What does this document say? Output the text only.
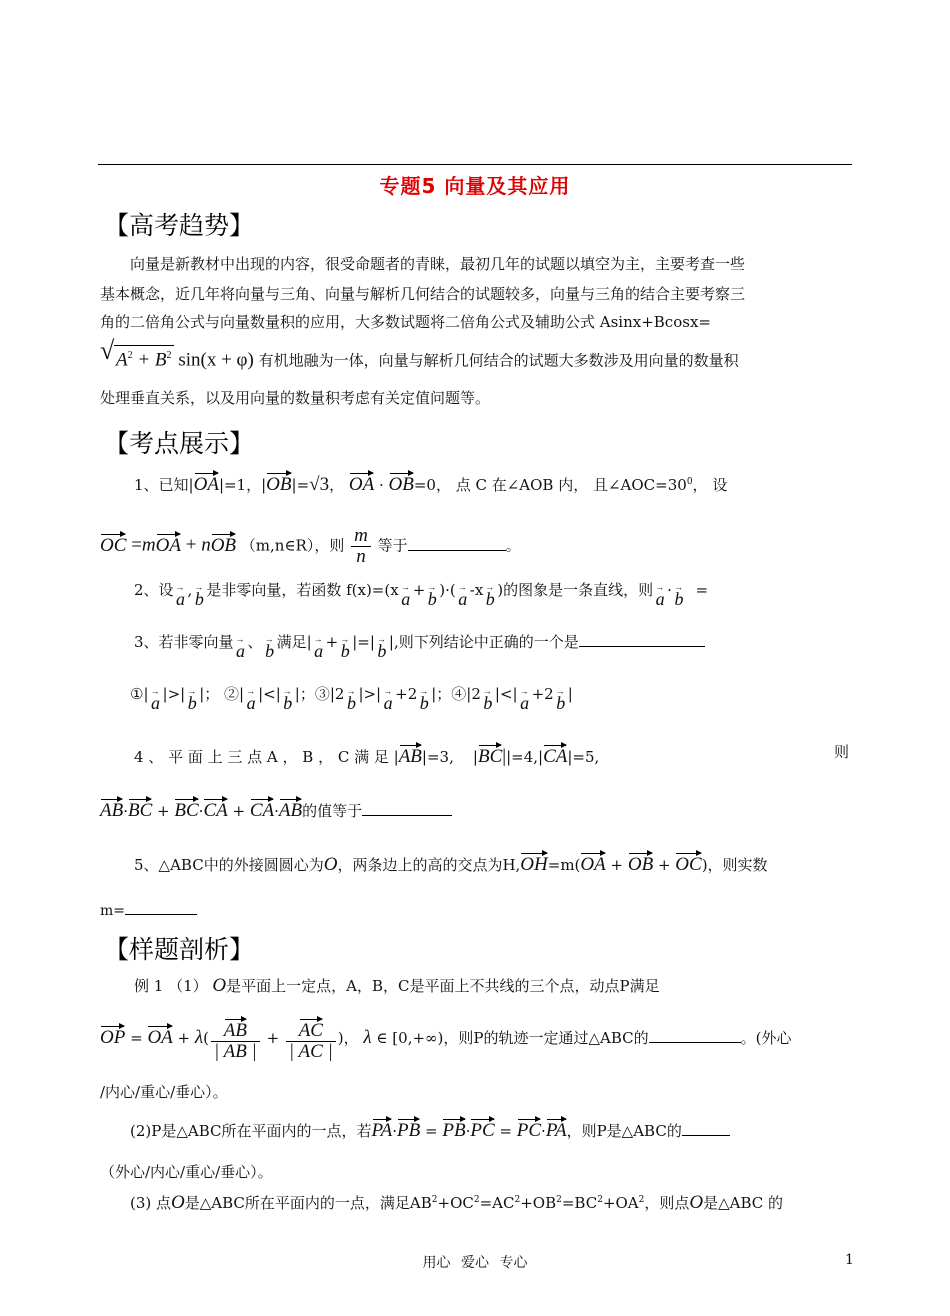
专题5 向量及其应用
【高考趋势】
向量是新教材中出现的内容，很受命题者的青睐，最初几年的试题以填空为主，主要考查一些
基本概念，近几年将向量与三角、向量与解析几何结合的试题较多，向量与三角的结合主要考察三
角的二倍角公式与向量数量积的应用，大多数试题将二倍角公式及辅助公式 Asinx+Bcosx=
√ $A^2 + B^2$ sin(x + φ) 有机地融为一体，向量与解析几何结合的试题大多数涉及用向量的数量积
处理垂直关系，以及用向量的数量积考虑有关定值问题等。
【考点展示】
1、已知|OA|=1，|OB|=√3， OA · OB=0， 点 C 在∠AOB 内， 且$\angle AOC=30^0$， 设
OC =mOA + nOB （m,n∈R），则 $\frac{m}{n}$ 等于	。
2、设 → a , → b 是非零向量，若函数 f(x)=(x → a + → b )·( → a -x → b )的图象是一条直线，则 → a · → b =
3、若非零向量 → a 、 → b 满足| → a + → b |=| → b |,则下列结论中正确的一个是
①| → a |>| → b |； ②| → a |<| → b |；③|2 → b |>| → a +2 → b |；④|2 → b |<| → a +2 → b |
4 、 平 面 上 三 点 A ， B ， C 满 足 |AB|=3,    |BC||=4,|CA|=5,	则
AB·BC + BC·CA + CA·AB的值等于
5、△ABC中的外接圆圆心为O，两条边上的高的交点为H,OH=m(OA + OB + OC)，则实数
m=
【样题剖析】
例 1 （1） O是平面上一定点，A，B，C是平面上不共线的三个点，动点P满足
OP = OA + $\lambda( \frac{AB}{| AB |} + \frac{AC}{| AC |}$ )， λ ∈ [0,+∞)，则P的轨迹一定通过△ABC的	。(外心
/内心/重心/垂心）。
(2)P是△ABC所在平面内的一点，若PA·PB = PB·PC = PC·PA，则P是△ABC的
（外心/内心/重心/垂心）。
(3) 点O是△ABC所在平面内的一点，满足$AB^2+OC^2=AC^2+OB^2=BC^2+OA^2$，则点O是△ABC 的
用心 爱心 专心	1
